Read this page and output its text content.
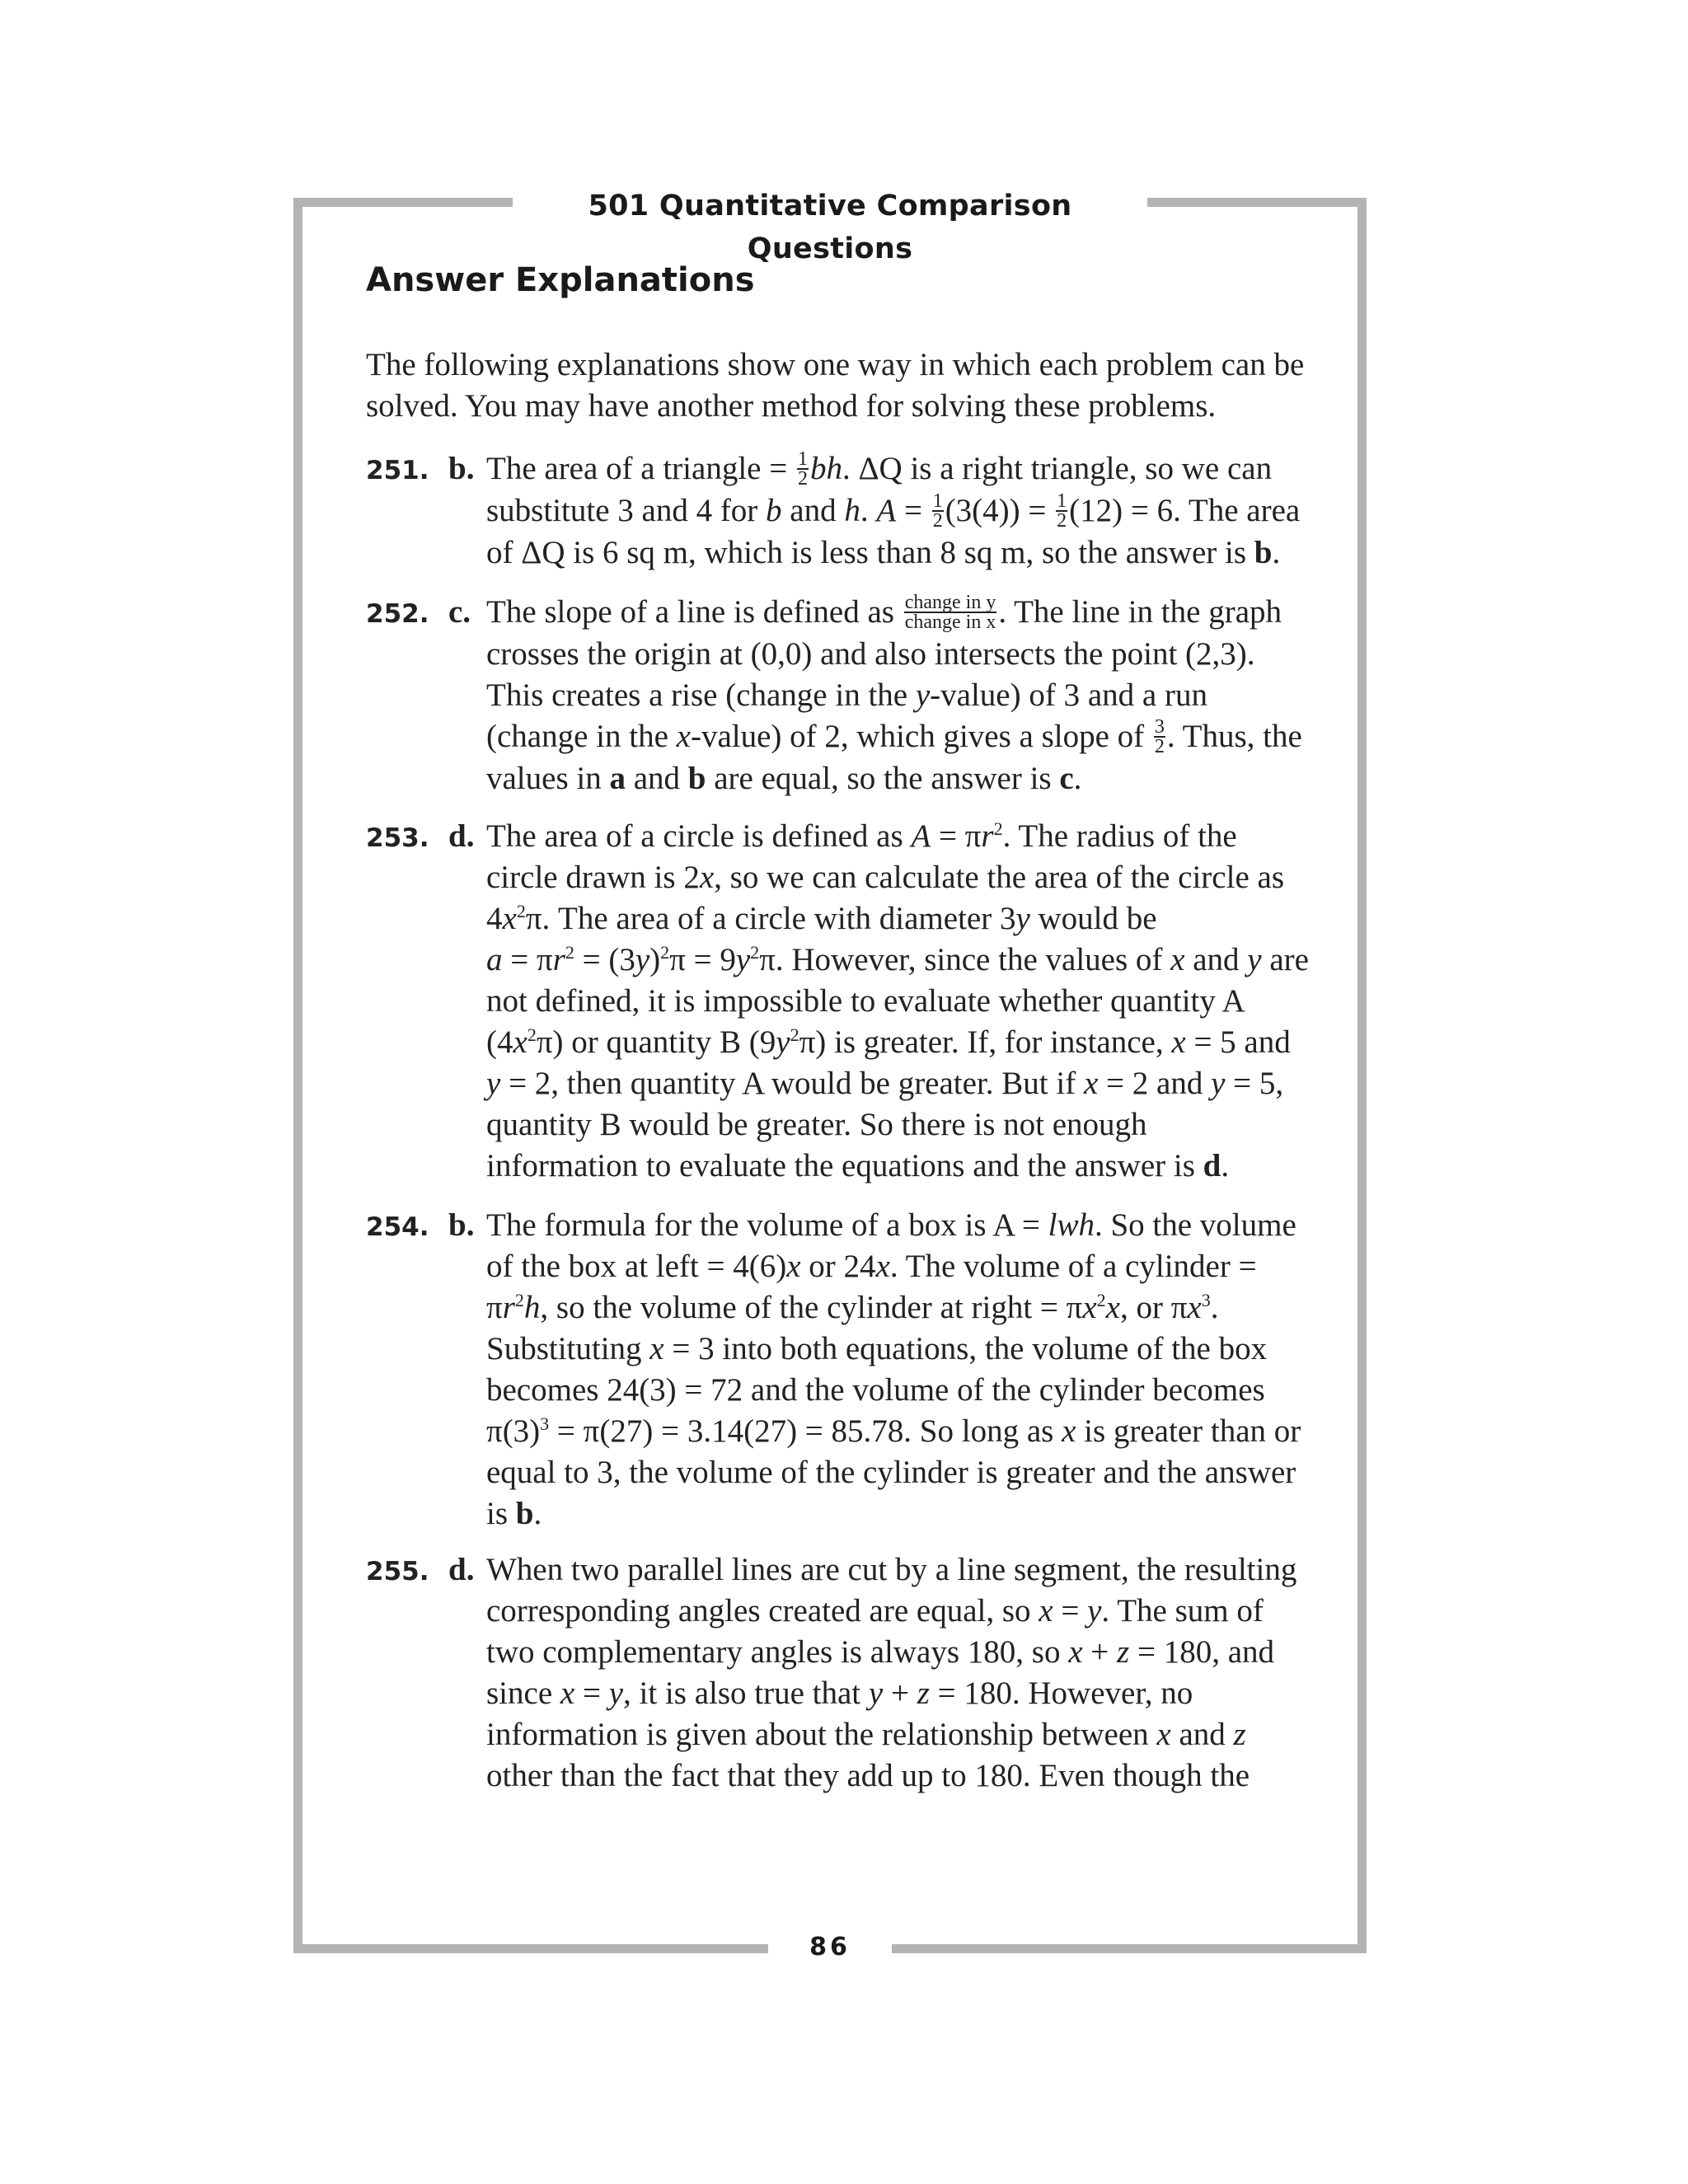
501 Quantitative Comparison Questions
Answer Explanations

The following explanations show one way in which each problem can be

solved. You may have another method for solving these problems.

251. b. The area of a triangle = $\frac{1}{2}$ bh. ΔQ is a right triangle, so we can
substitute 3 and 4 for b and h. $A = \frac{1}{2} (3(4)) = \frac{1}{2} (12) = 6$. The area
of ΔQ is 6 sq m, which is less than 8 sq m, so the answer is b.
252. c. The slope of a line is defined as $\frac{\text{change in y}}{\text{change in x}}$ . The line in the graph
crosses the origin at (0,0) and also intersects the point (2,3).
This creates a rise (change in the y-value) of 3 and a run
(change in the x-value) of 2, which gives a slope of $\frac{3}{2}$ . Thus, the
values in a and b are equal, so the answer is c.
253. d. The area of a circle is defined as $A = \pi r^2$. The radius of the
circle drawn is 2x, so we can calculate the area of the circle as
$4x^2\pi$. The area of a circle with diameter 3y would be
$a = \pi r^2 = (3y)^2\pi = 9y^2\pi$. However, since the values of x and y are
not defined, it is impossible to evaluate whether quantity A
$(4x^2\pi)$ or quantity B $(9y^2\pi)$ is greater. If, for instance, x = 5 and
y = 2, then quantity A would be greater. But if x = 2 and y = 5,
quantity B would be greater. So there is not enough
information to evaluate the equations and the answer is d.
254. b. The formula for the volume of a box is A = lwh. So the volume
of the box at left = 4(6)x or 24x. The volume of a cylinder =
$\pi r^2h$, so the volume of the cylinder at right = $\pi x^2x$, or $\pi x^3$.
Substituting x = 3 into both equations, the volume of the box
becomes 24(3) = 72 and the volume of the cylinder becomes
$\pi(3)^3 = \pi(27) = 3.14(27) = 85.78$. So long as x is greater than or
equal to 3, the volume of the cylinder is greater and the answer
is b.
255. d. When two parallel lines are cut by a line segment, the resulting
corresponding angles created are equal, so x = y. The sum of
two complementary angles is always 180, so x + z = 180, and
since x = y, it is also true that y + z = 180. However, no
information is given about the relationship between x and z
other than the fact that they add up to 180. Even though the
86
